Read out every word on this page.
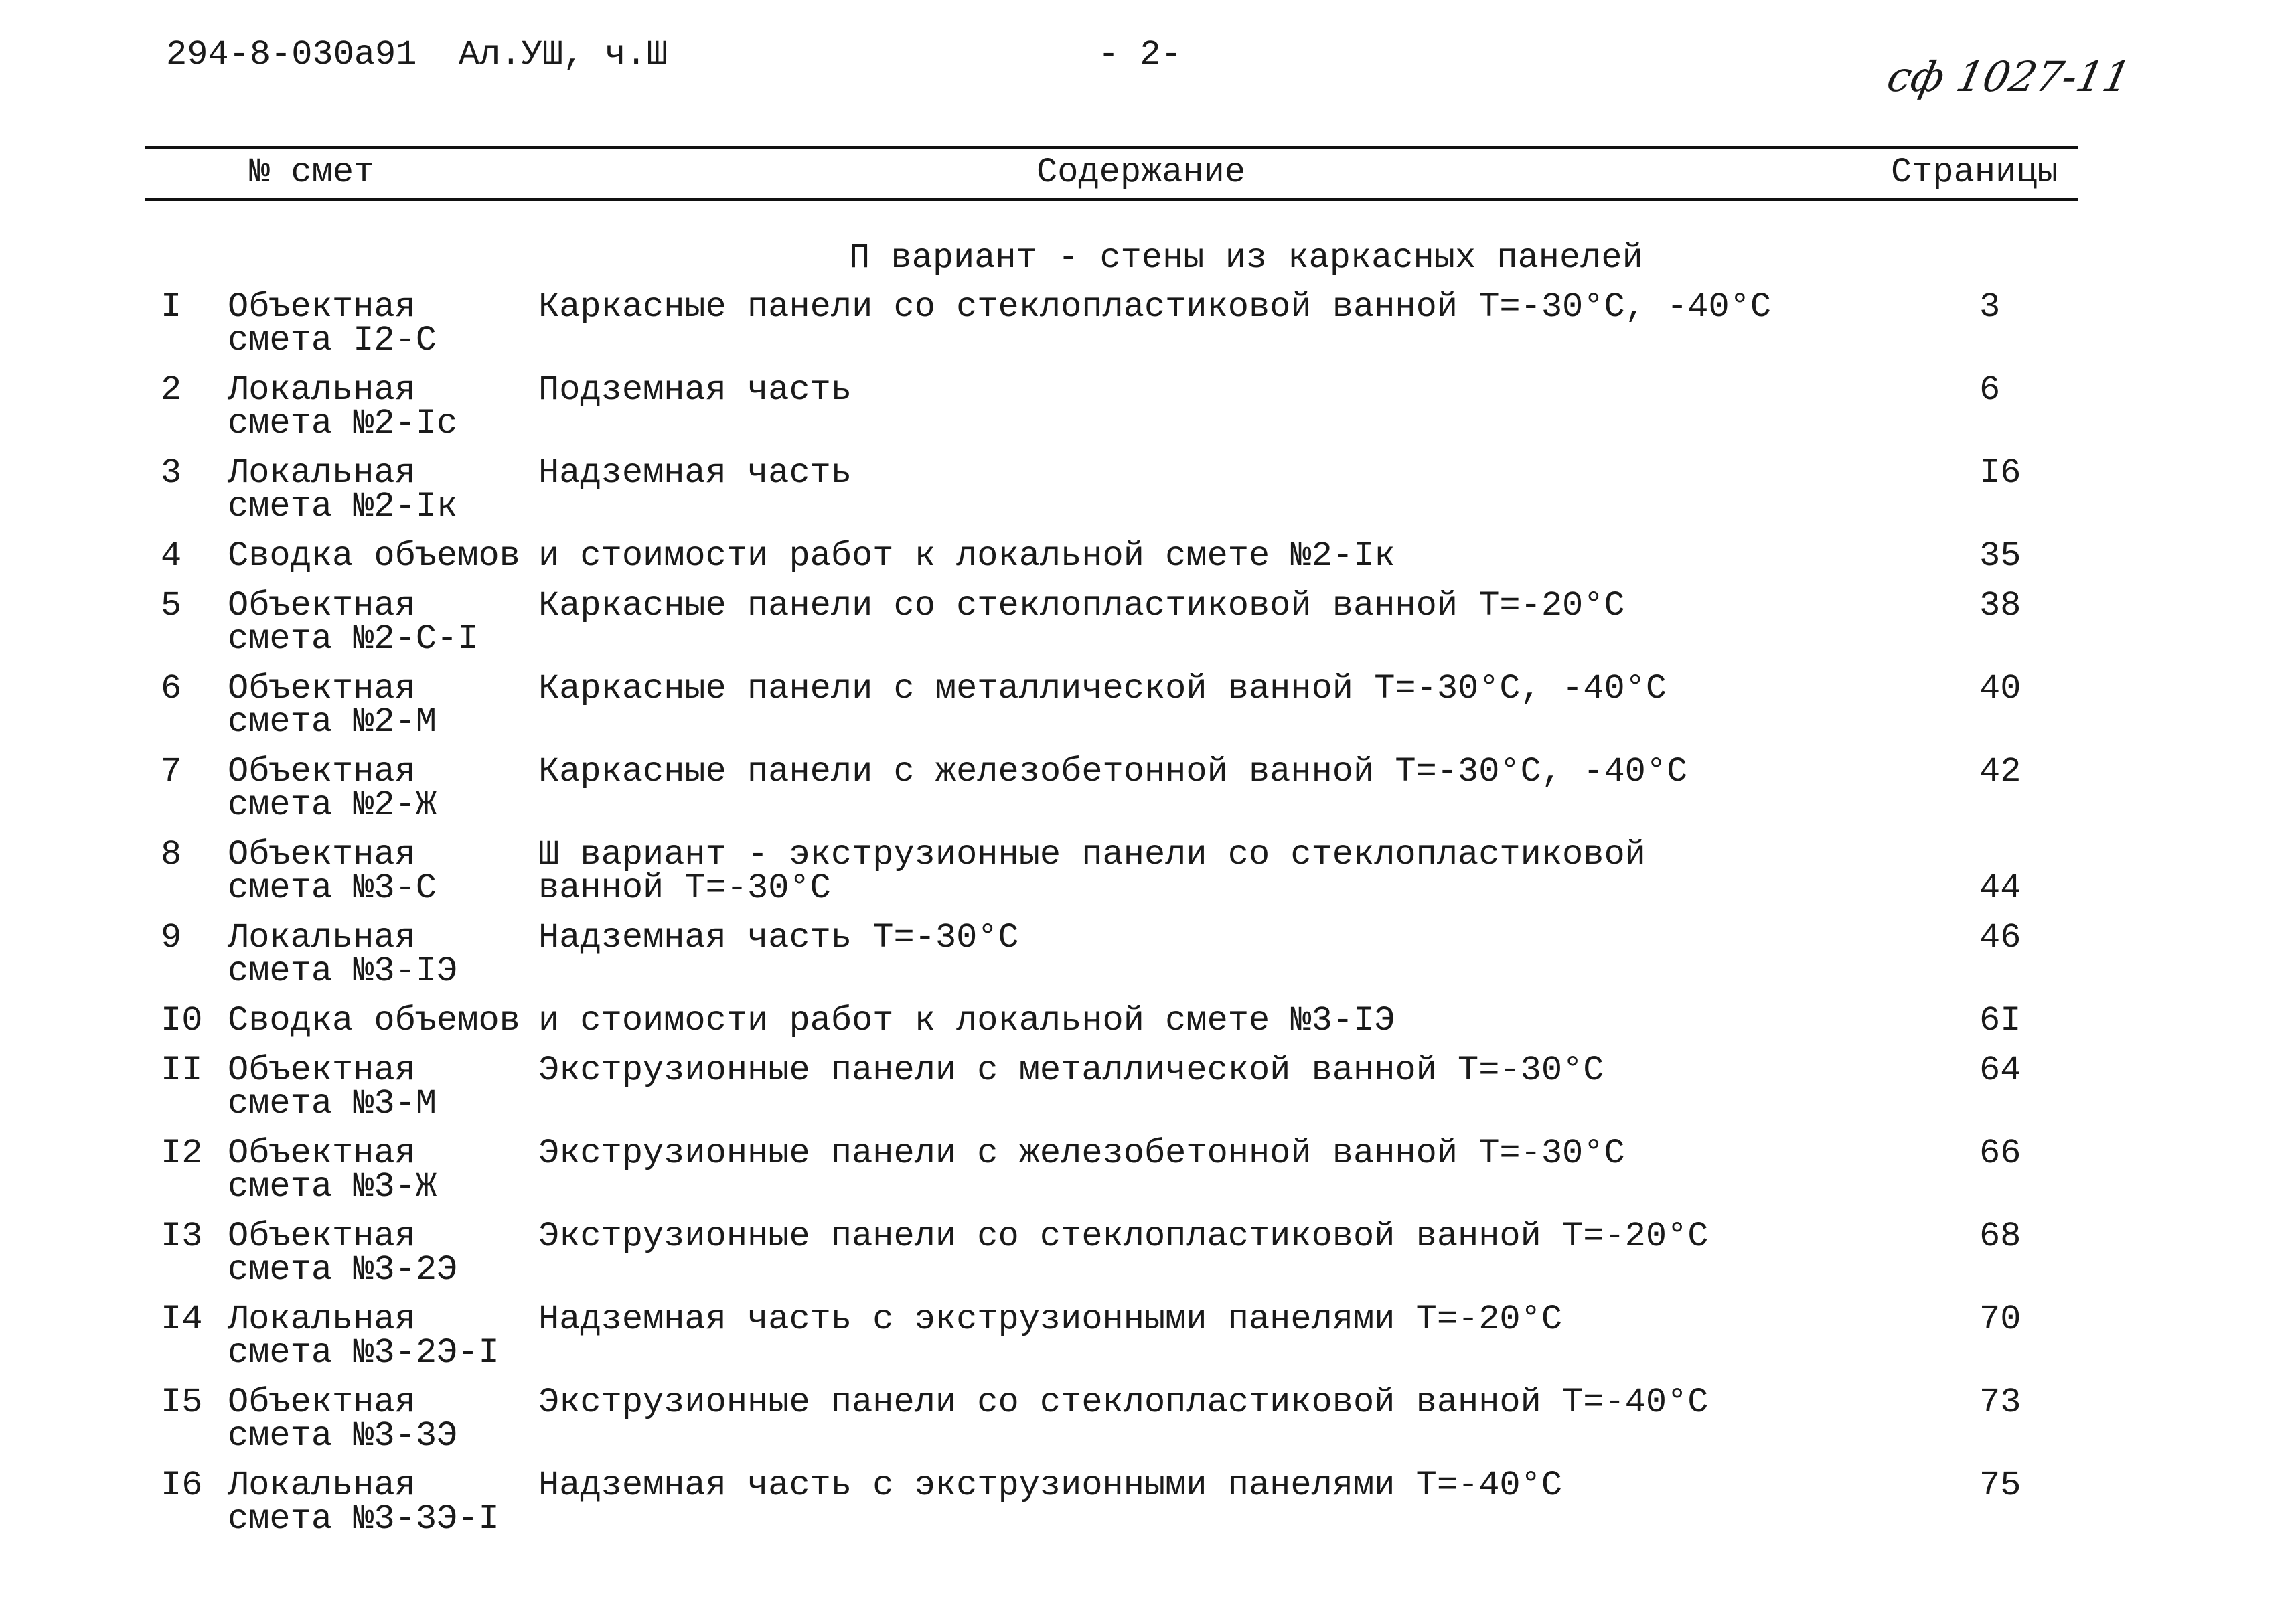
294-8-030а91  Ал.УШ, ч.Ш	- 2-	сф 1027-11
№ смет	Содержание	Страницы
П вариант - стены из каркасных панелей
I	Объектная
смета I2-С
Каркасные панели со стеклопластиковой ванной Т=-30°С, -40°С	3
2	Локальная
смета №2-Iс
Подземная часть	6
3	Локальная
смета №2-Iк
Надземная часть	I6
4	Сводка объемов и стоимости работ к локальной смете №2-Iк	35
5	Объектная
смета №2-С-I
Каркасные панели со стеклопластиковой ванной Т=-20°С	38
6	Объектная
смета №2-М
Каркасные панели с металлической ванной Т=-30°С, -40°С	40
7	Объектная
смета №2-Ж
Каркасные панели с железобетонной ванной Т=-30°С, -40°С	42
8	Объектная
смета №3-С
Ш вариант - экструзионные панели со стеклопластиковой
ванной Т=-30°С	44
9	Локальная
смета №3-IЭ
Надземная часть Т=-30°С	46
I0 Сводка объемов и стоимости работ к локальной смете №3-IЭ	6I
II Объектная
смета №3-М
Экструзионные панели с металлической ванной Т=-30°С	64
I2 Объектная
смета №3-Ж
Экструзионные панели с железобетонной ванной Т=-30°С	66
I3 Объектная
смета №3-2Э
Экструзионные панели со стеклопластиковой ванной Т=-20°С	68
I4 Локальная
смета №3-2Э-I
Надземная часть с экструзионными панелями Т=-20°С	70
I5 Объектная
смета №3-3Э
Экструзионные панели со стеклопластиковой ванной Т=-40°С	73
I6 Локальная
смета №3-3Э-I
Надземная часть с экструзионными панелями Т=-40°С	75
